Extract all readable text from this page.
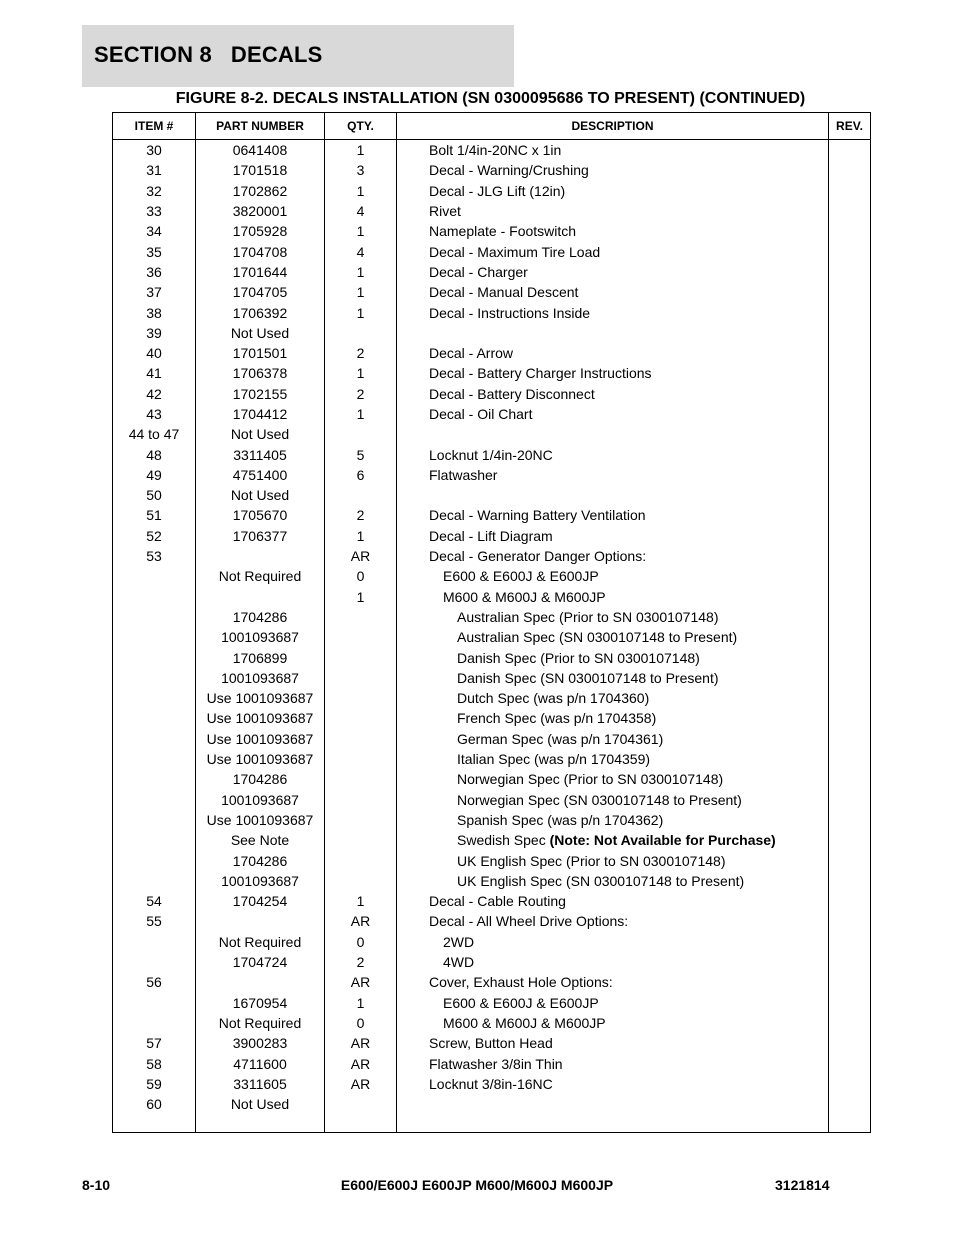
SECTION 8   DECALS
FIGURE 8-2. DECALS INSTALLATION (SN 0300095686 TO PRESENT) (CONTINUED)
ITEM #	PART NUMBER	QTY.	DESCRIPTION	REV.
30	0641408	1	Bolt 1/4in-20NC x 1in	
31	1701518	3	Decal - Warning/Crushing	
32	1702862	1	Decal - JLG Lift (12in)	
33	3820001	4	Rivet	
34	1705928	1	Nameplate - Footswitch	
35	1704708	4	Decal - Maximum Tire Load	
36	1701644	1	Decal - Charger	
37	1704705	1	Decal - Manual Descent	
38	1706392	1	Decal - Instructions Inside	
39	Not Used			
40	1701501	2	Decal - Arrow	
41	1706378	1	Decal - Battery Charger Instructions	
42	1702155	2	Decal - Battery Disconnect	
43	1704412	1	Decal - Oil Chart	
44 to 47	Not Used			
48	3311405	5	Locknut 1/4in-20NC	
49	4751400	6	Flatwasher	
50	Not Used			
51	1705670	2	Decal - Warning Battery Ventilation	
52	1706377	1	Decal - Lift Diagram	
53		AR	Decal - Generator Danger Options:	
	Not Required	0	E600 & E600J & E600JP	
		1	M600 & M600J & M600JP	
	1704286		Australian Spec (Prior to SN 0300107148)	
	1001093687		Australian Spec (SN 0300107148 to Present)	
	1706899		Danish Spec (Prior to SN 0300107148)	
	1001093687		Danish Spec (SN 0300107148 to Present)	
	Use 1001093687		Dutch Spec (was p/n 1704360)	
	Use 1001093687		French Spec (was p/n 1704358)	
	Use 1001093687		German Spec (was p/n 1704361)	
	Use 1001093687		Italian Spec (was p/n 1704359)	
	1704286		Norwegian Spec (Prior to SN 0300107148)	
	1001093687		Norwegian Spec (SN 0300107148 to Present)	
	Use 1001093687		Spanish Spec (was p/n 1704362)	
	See Note		Swedish Spec (Note: Not Available for Purchase)	
	1704286		UK English Spec (Prior to SN 0300107148)	
	1001093687		UK English Spec (SN 0300107148 to Present)	
54	1704254	1	Decal - Cable Routing	
55		AR	Decal - All Wheel Drive Options:	
	Not Required	0	2WD	
	1704724	2	4WD	
56		AR	Cover, Exhaust Hole Options:	
	1670954	1	E600 & E600J & E600JP	
	Not Required	0	M600 & M600J & M600JP	
57	3900283	AR	Screw, Button Head	
58	4711600	AR	Flatwasher 3/8in Thin	
59	3311605	AR	Locknut 3/8in-16NC	
60	Not Used			

8-10	E600/E600J E600JP M600/M600J M600JP	3121814
